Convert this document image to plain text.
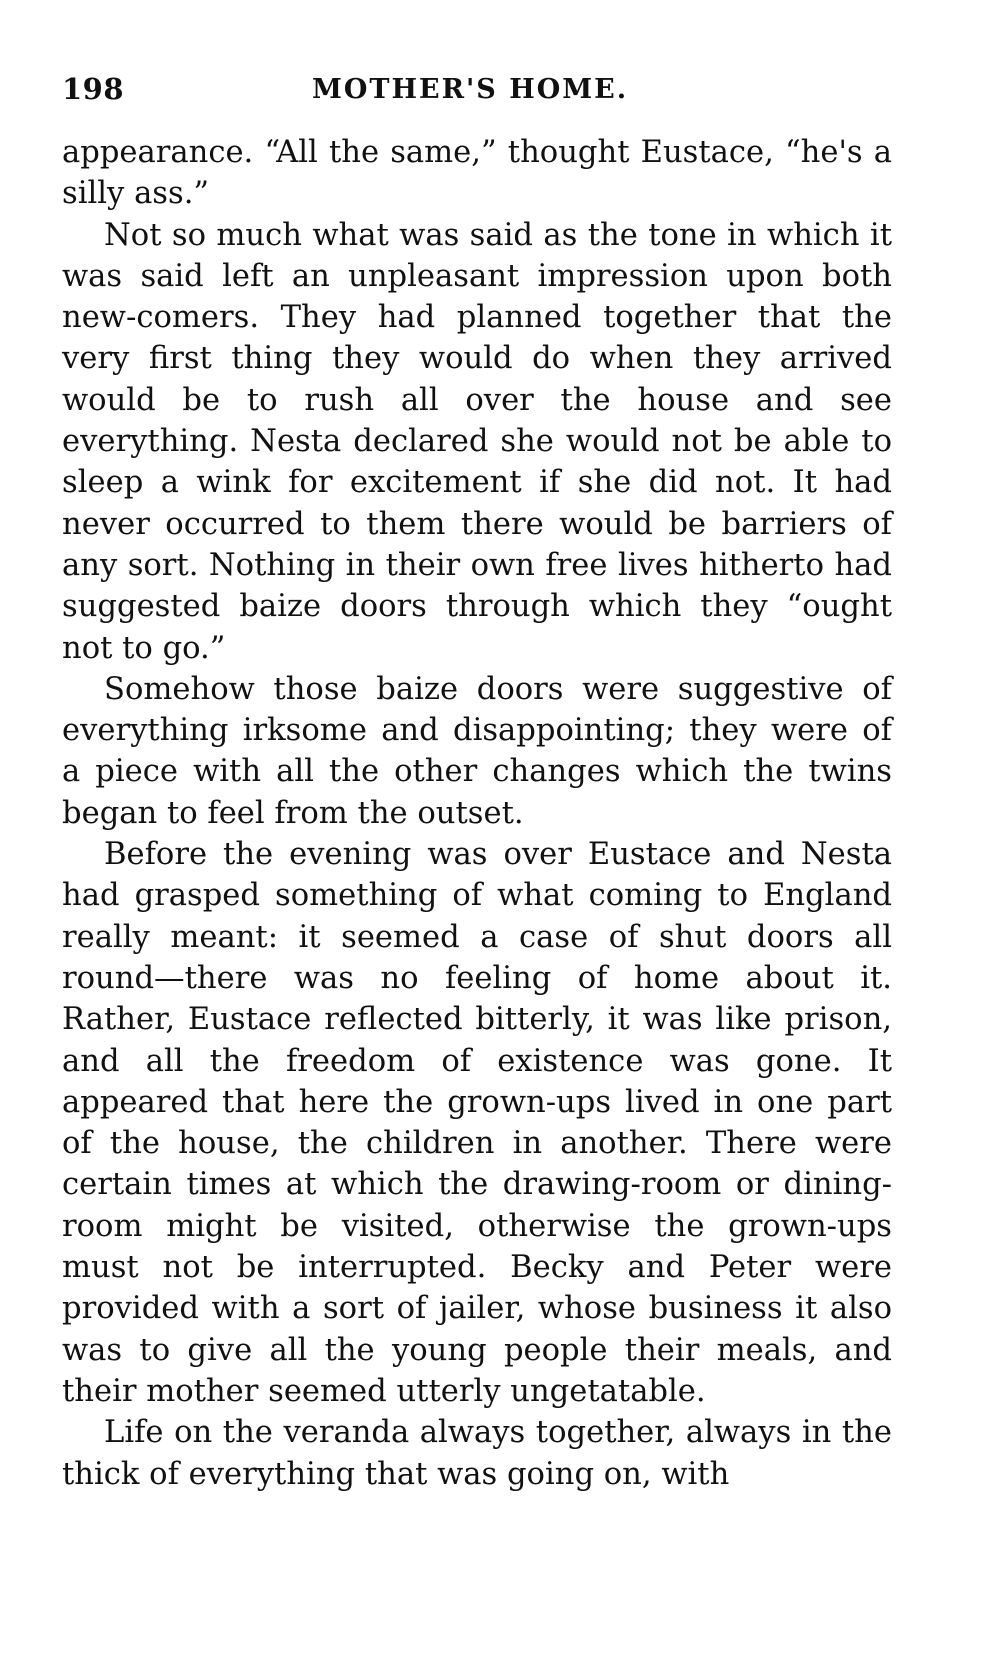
198	MOTHER'S HOME.

appearance. “All the same,” thought Eustace, “he's a silly ass.”

Not so much what was said as the tone in which it was said left an unpleasant impression upon both new-comers. They had planned together that the very first thing they would do when they arrived would be to rush all over the house and see everything. Nesta declared she would not be able to sleep a wink for excitement if she did not. It had never occurred to them there would be barriers of any sort. Nothing in their own free lives hitherto had suggested baize doors through which they “ought not to go.”

Somehow those baize doors were suggestive of everything irksome and disappointing; they were of a piece with all the other changes which the twins began to feel from the outset.

Before the evening was over Eustace and Nesta had grasped something of what coming to England really meant: it seemed a case of shut doors all round—there was no feeling of home about it. Rather, Eustace reflected bitterly, it was like prison, and all the freedom of existence was gone. It appeared that here the grown-ups lived in one part of the house, the children in another. There were certain times at which the drawing-room or dining-room might be visited, otherwise the grown-ups must not be interrupted. Becky and Peter were provided with a sort of jailer, whose business it also was to give all the young people their meals, and their mother seemed utterly ungetatable.

Life on the veranda always together, always in the thick of everything that was going on, with
